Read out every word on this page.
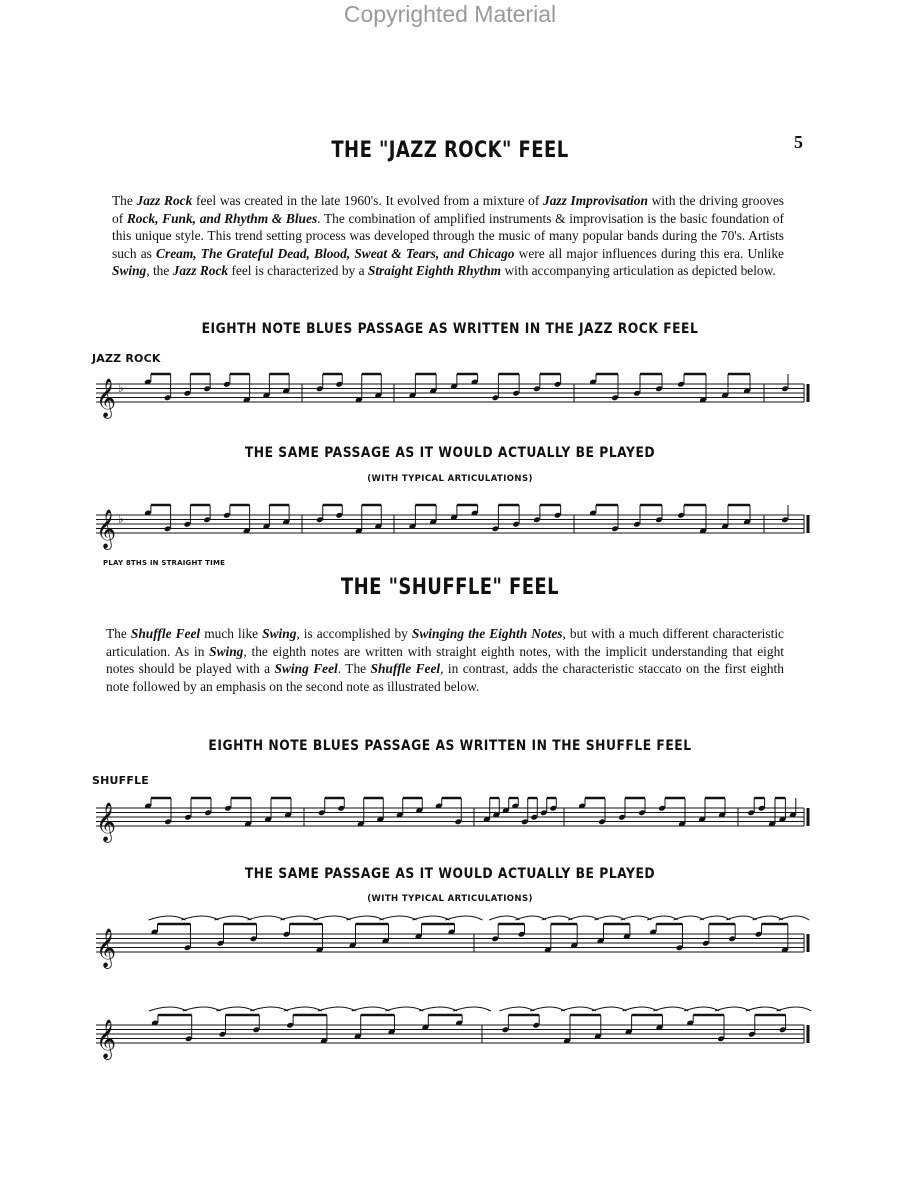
Copyrighted Material
5
THE "JAZZ ROCK" FEEL

The Jazz Rock feel was created in the late 1960's. It evolved from a mixture of Jazz Improvisation with the driving grooves of Rock, Funk, and Rhythm & Blues. The combination of amplified instruments & improvisation is the basic foundation of this unique style. This trend setting process was developed through the music of many popular bands during the 70's. Artists such as Cream, The Grateful Dead, Blood, Sweat & Tears, and Chicago were all major influences during this era. Unlike Swing, the Jazz Rock feel is characterized by a Straight Eighth Rhythm with accompanying articulation as depicted below.

EIGHTH NOTE BLUES PASSAGE AS WRITTEN IN THE JAZZ ROCK FEEL
JAZZ ROCK
𝄞 ♭
THE SAME PASSAGE AS IT WOULD ACTUALLY BE PLAYED
(WITH TYPICAL ARTICULATIONS)
𝄞 ♭
PLAY 8THS IN STRAIGHT TIME
THE "SHUFFLE" FEEL

The Shuffle Feel much like Swing, is accomplished by Swinging the Eighth Notes, but with a much different characteristic articulation. As in Swing, the eighth notes are written with straight eighth notes, with the implicit understanding that eight notes should be played with a Swing Feel. The Shuffle Feel, in contrast, adds the characteristic staccato on the first eighth note followed by an emphasis on the second note as illustrated below.

EIGHTH NOTE BLUES PASSAGE AS WRITTEN IN THE SHUFFLE FEEL
SHUFFLE
𝄞
THE SAME PASSAGE AS IT WOULD ACTUALLY BE PLAYED
(WITH TYPICAL ARTICULATIONS)
𝄞
𝄞
